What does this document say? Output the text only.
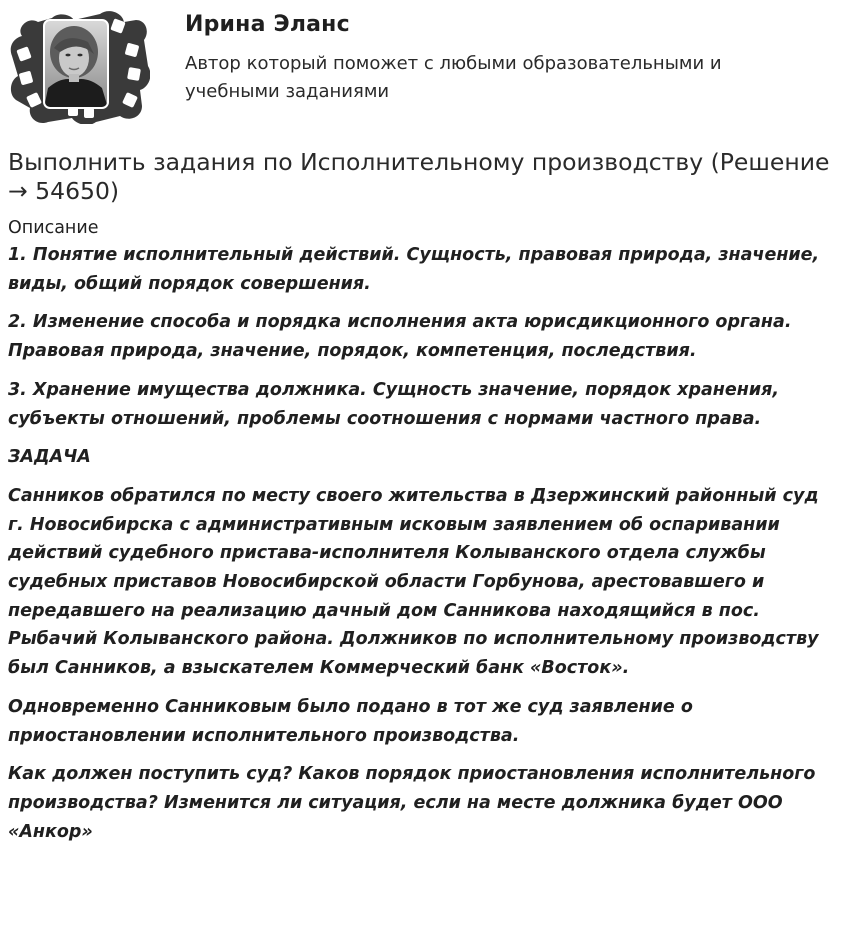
Ирина Эланс
Автор который поможет с любыми образовательными и учебными заданиями
Выполнить задания по Исполнительному производству (Решение → 54650)

Описание

1. Понятие исполнительный действий. Сущность, правовая природа, значение, виды, общий порядок совершения.

2. Изменение способа и порядка исполнения акта юрисдикционного органа. Правовая природа, значение, порядок, компетенция, последствия.

3. Хранение имущества должника. Сущность значение, порядок хранения, субъекты отношений, проблемы соотношения с нормами частного права.

ЗАДАЧА

Санников обратился по месту своего жительства в Дзержинский районный суд г. Новосибирска с административным исковым заявлением об оспаривании действий судебного пристава-исполнителя Колыванского отдела службы судебных приставов Новосибирской области Горбунова, арестовавшего и передавшего на реализацию дачный дом Санникова находящийся в пос. Рыбачий Колыванского района. Должников по исполнительному производству был Санников, а взыскателем Коммерческий банк «Восток».

Одновременно Санниковым было подано в тот же суд заявление о приостановлении исполнительного производства.

Как должен поступить суд? Каков порядок приостановления исполнительного производства? Изменится ли ситуация, если на месте должника будет ООО «Анкор»
